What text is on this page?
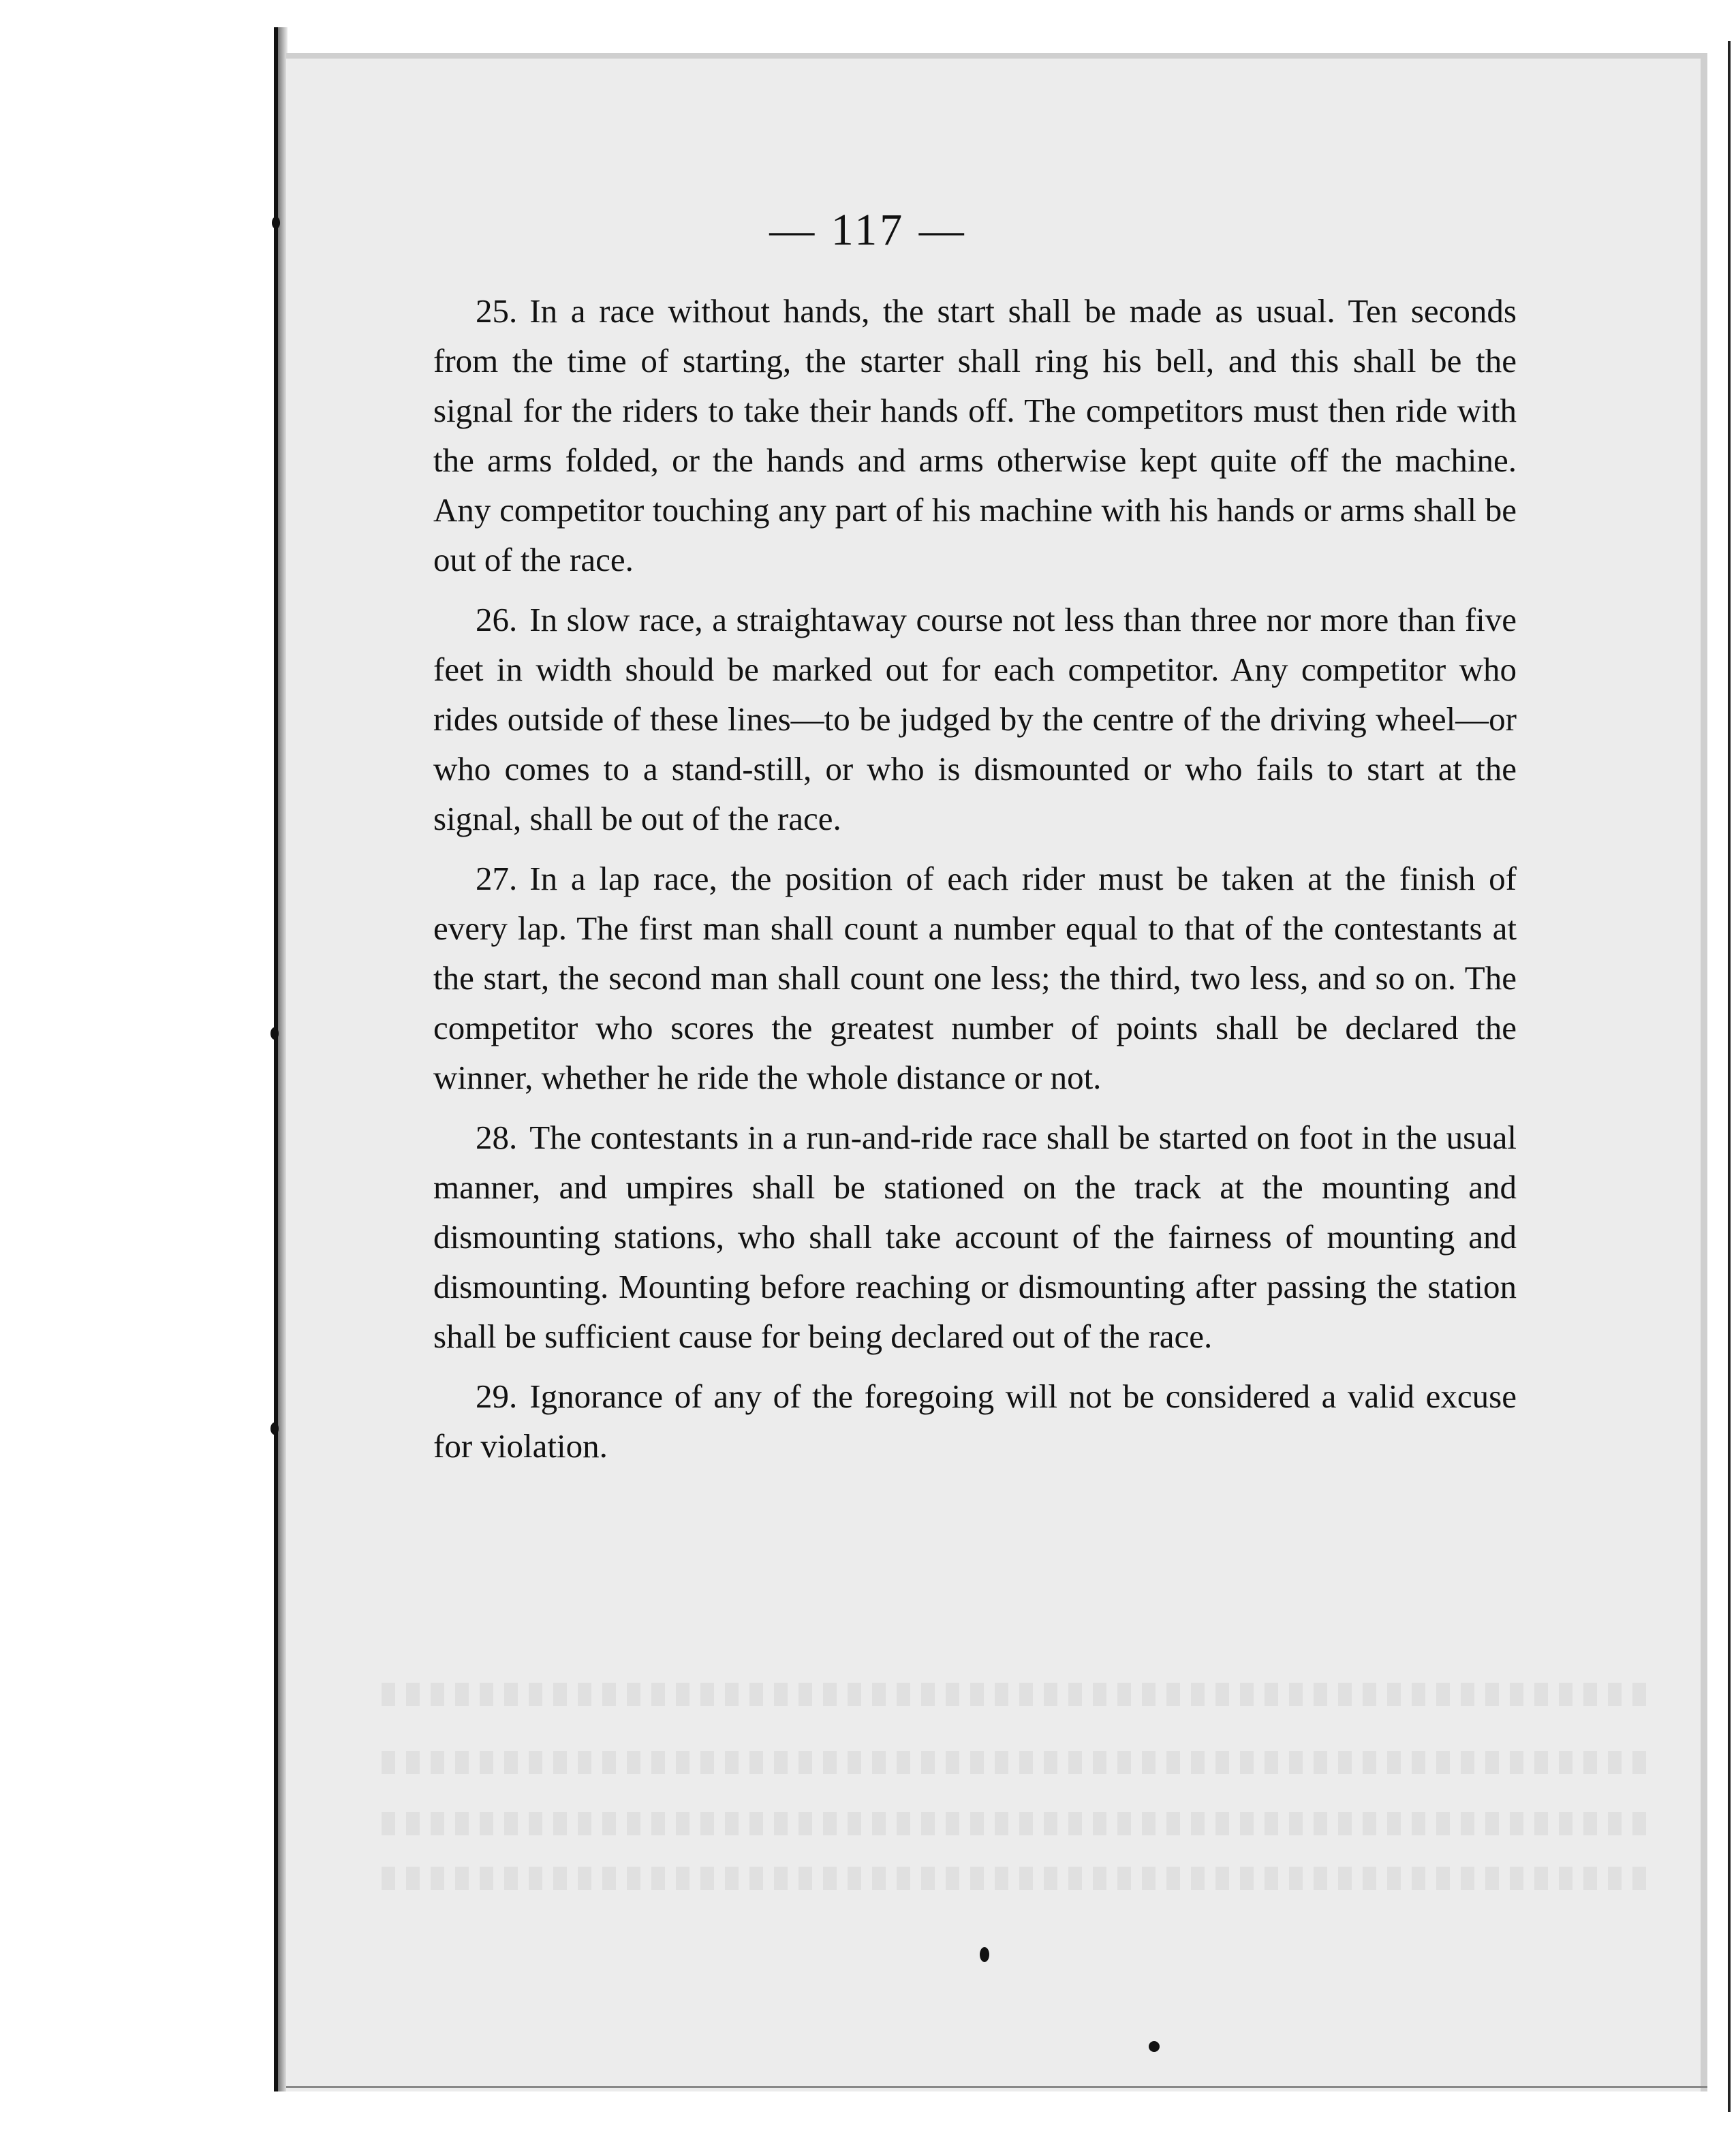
— 117 —

25. In a race without hands, the start shall be made as usual. Ten seconds from the time of starting, the starter shall ring his bell, and this shall be the signal for the riders to take their hands off. The competitors must then ride with the arms folded, or the hands and arms otherwise kept quite off the machine. Any competitor touching any part of his machine with his hands or arms shall be out of the race.

26. In slow race, a straightaway course not less than three nor more than five feet in width should be marked out for each competitor. Any competitor who rides outside of these lines—to be judged by the centre of the driving wheel—or who comes to a stand-still, or who is dismounted or who fails to start at the signal, shall be out of the race.

27. In a lap race, the position of each rider must be taken at the finish of every lap. The first man shall count a number equal to that of the contestants at the start, the second man shall count one less; the third, two less, and so on. The competitor who scores the greatest number of points shall be declared the winner, whether he ride the whole distance or not.

28. The contestants in a run-and-ride race shall be started on foot in the usual manner, and umpires shall be stationed on the track at the mounting and dismounting stations, who shall take account of the fairness of mounting and dismounting. Mounting before reaching or dismounting after passing the station shall be sufficient cause for being declared out of the race.

29. Ignorance of any of the foregoing will not be considered a valid excuse for violation.
